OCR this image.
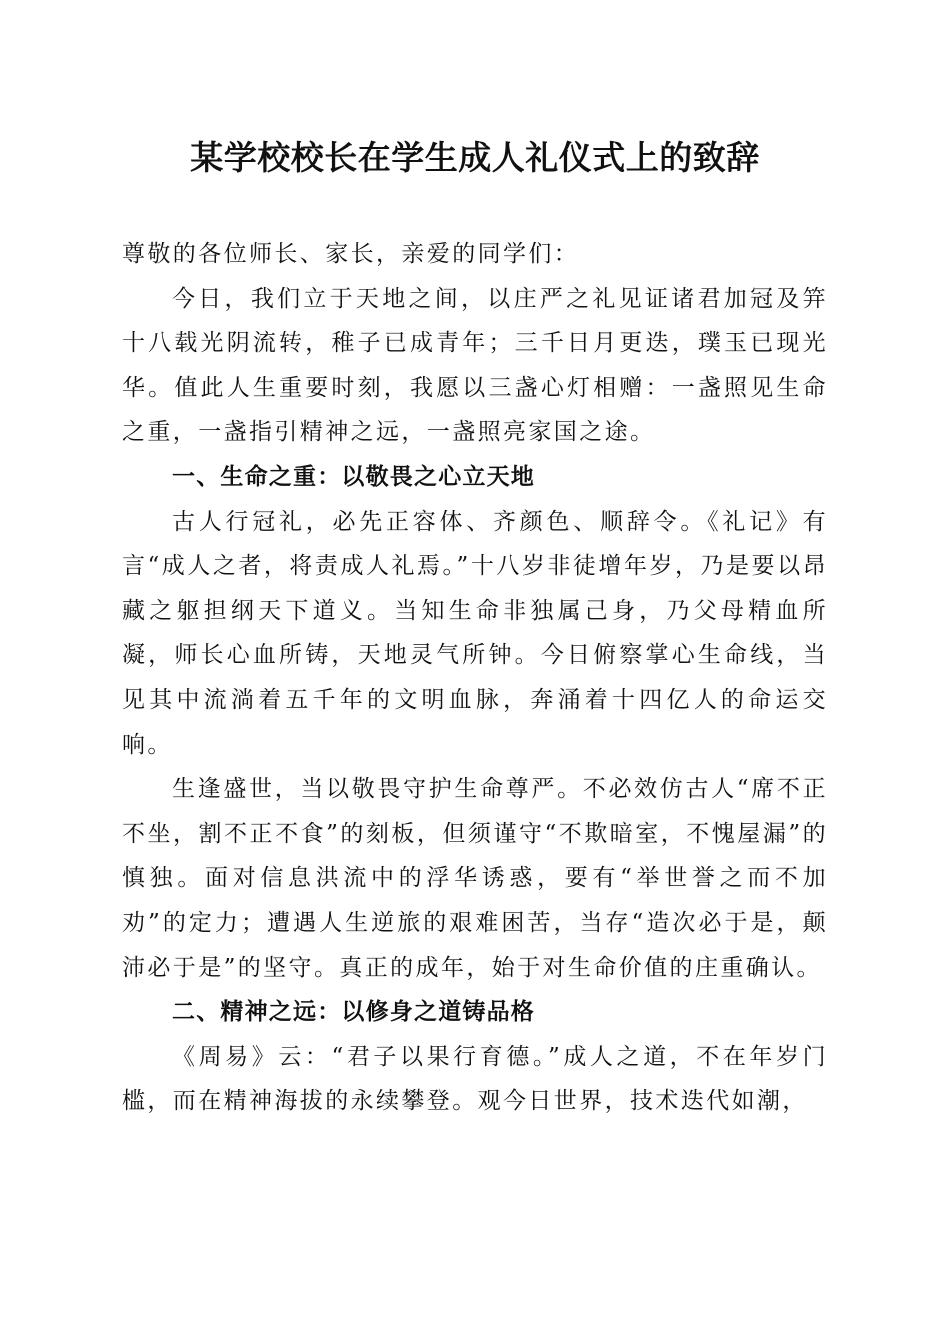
某学校校长在学生成人礼仪式上的致辞

尊敬的各位师长、家长，亲爱的同学们：

今日，我们立于天地之间，以庄严之礼见证诸君加冠及笄十八载光阴流转，稚子已成青年；三千日月更迭，璞玉已现光华。值此人生重要时刻，我愿以三盏心灯相赠：一盏照见生命之重，一盏指引精神之远，一盏照亮家国之途。

一、生命之重：以敬畏之心立天地

古人行冠礼，必先正容体、齐颜色、顺辞令。《礼记》有言“成人之者，将责成人礼焉。”十八岁非徒增年岁，乃是要以昂藏之躯担纲天下道义。当知生命非独属己身，乃父母精血所凝，师长心血所铸，天地灵气所钟。今日俯察掌心生命线，当见其中流淌着五千年的文明血脉，奔涌着十四亿人的命运交响。

生逢盛世，当以敬畏守护生命尊严。不必效仿古人“席不正不坐，割不正不食”的刻板，但须谨守“不欺暗室，不愧屋漏”的慎独。面对信息洪流中的浮华诱惑，要有“举世誉之而不加劝”的定力；遭遇人生逆旅的艰难困苦，当存“造次必于是，颠沛必于是”的坚守。真正的成年，始于对生命价值的庄重确认。

二、精神之远：以修身之道铸品格

《周易》云：“君子以果行育德。”成人之道，不在年岁门槛，而在精神海拔的永续攀登。观今日世界，技术迭代如潮，
